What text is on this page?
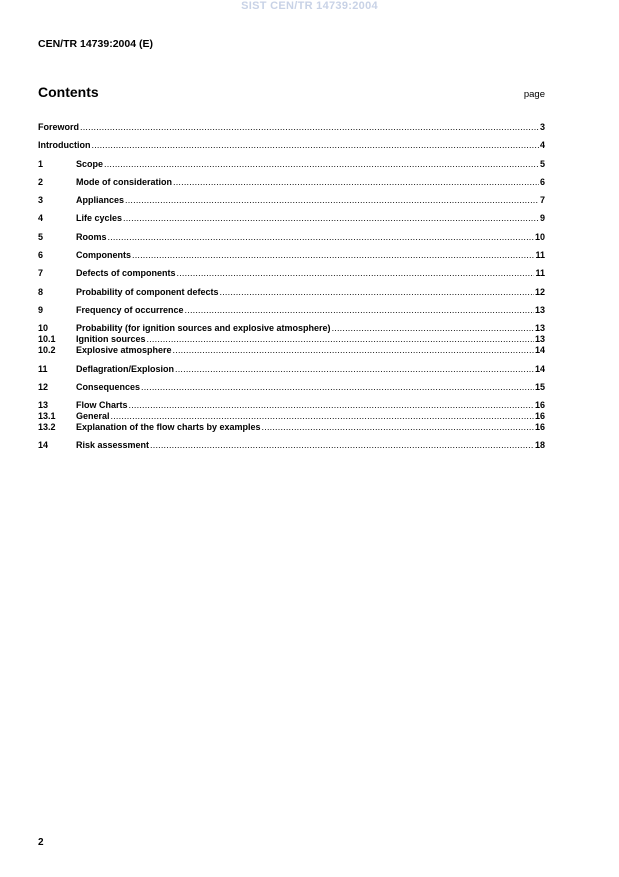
SIST CEN/TR 14739:2004
CEN/TR 14739:2004 (E)
Contents	page
Foreword .....	3
Introduction .....	4
1	Scope .....	5
2	Mode of consideration .....	6
3	Appliances .....	7
4	Life cycles .....	9
5	Rooms .....	10
6	Components .....	11
7	Defects of components .....	11
8	Probability of component defects .....	12
9	Frequency of occurrence .....	13
10	Probability (for ignition sources and explosive atmosphere) .....	13
10.1	Ignition sources .....	13
10.2	Explosive atmosphere .....	14
11	Deflagration/Explosion .....	14
12	Consequences .....	15
13	Flow Charts .....	16
13.1	General .....	16
13.2	Explanation of the flow charts by examples .....	16
14	Risk assessment .....	18
2
